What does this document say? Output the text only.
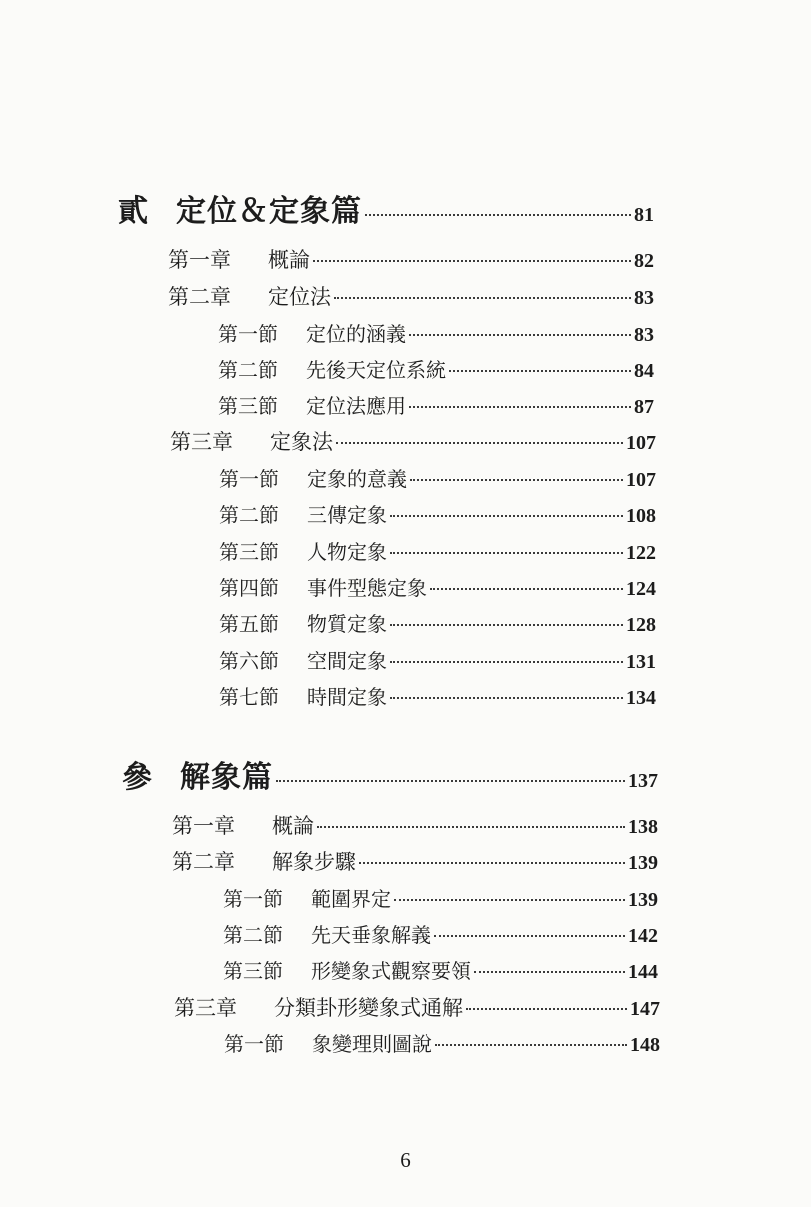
貳 定位＆定象篇	81
第一章	概論	82
第二章	定位法	83
第一節	定位的涵義	83
第二節	先後天定位系統	84
第三節	定位法應用	87
第三章	定象法	107
第一節	定象的意義	107
第二節	三傳定象	108
第三節	人物定象	122
第四節	事件型態定象	124
第五節	物質定象	128
第六節	空間定象	131
第七節	時間定象	134
參 解象篇	137
第一章	概論	138
第二章	解象步驟	139
第一節	範圍界定	139
第二節	先天垂象解義	142
第三節	形變象式觀察要領	144
第三章	分類卦形變象式通解	147
第一節	象變理則圖說	148
6
